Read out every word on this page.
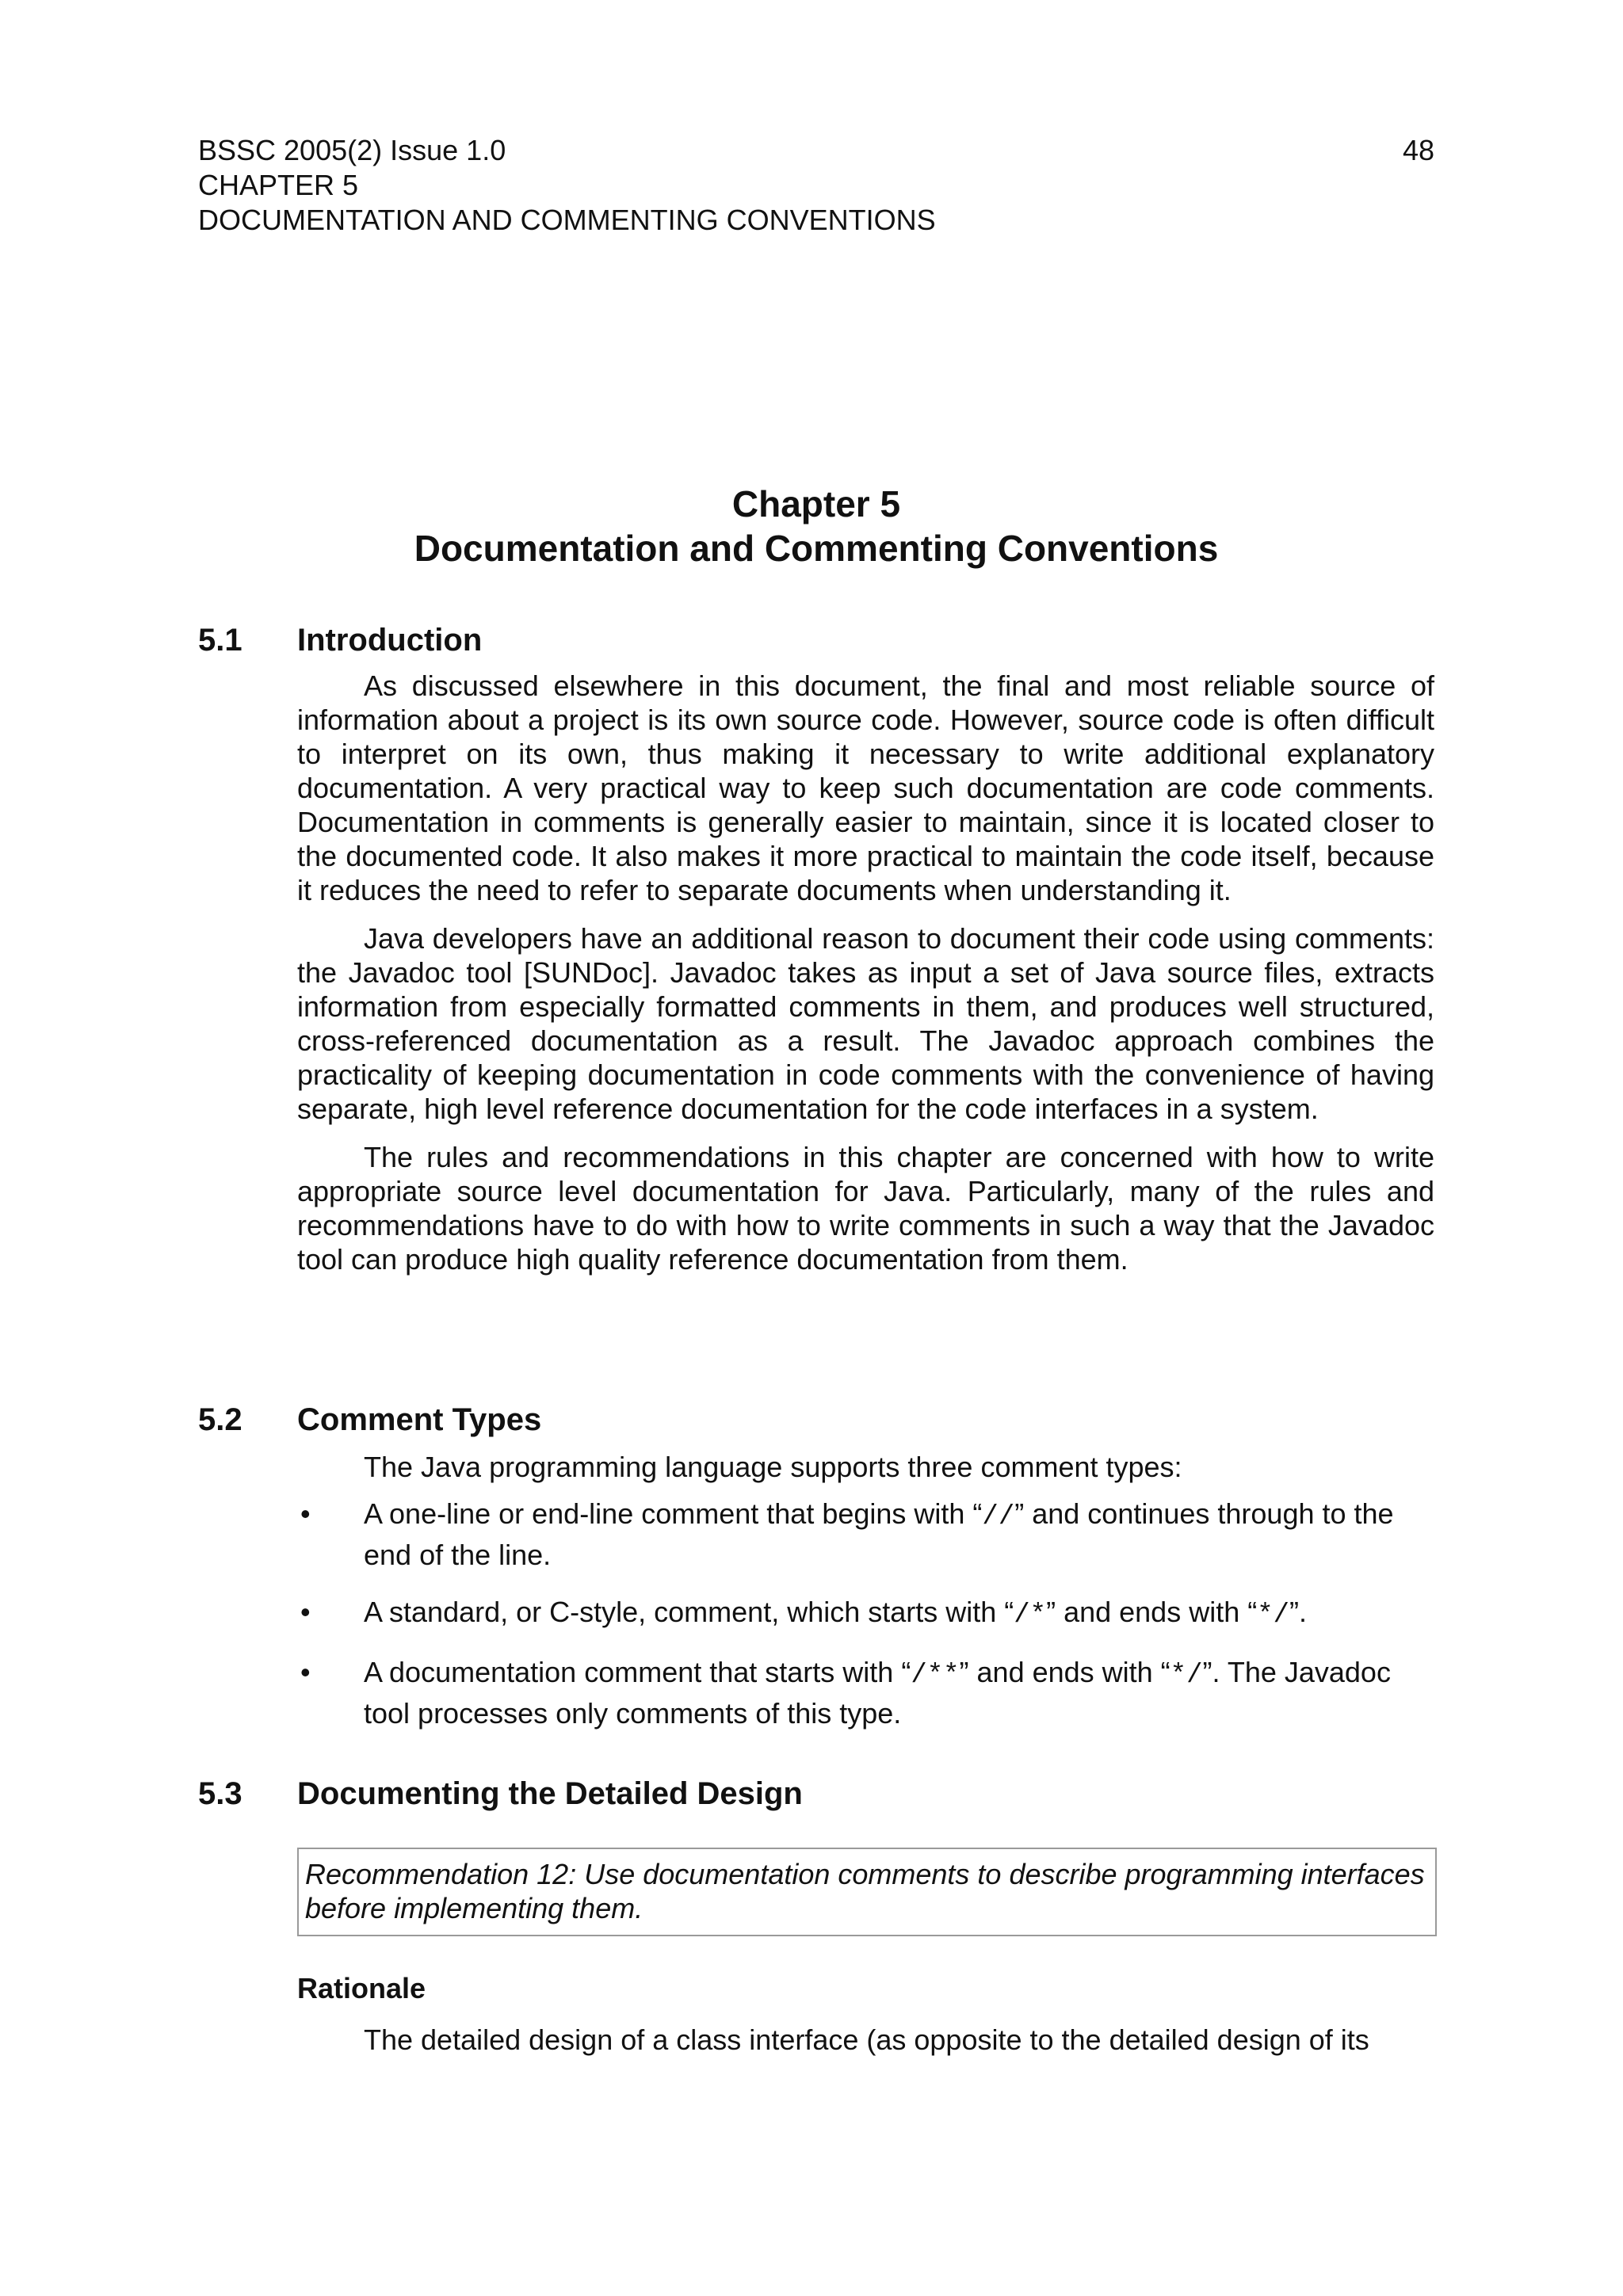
BSSC 2005(2) Issue 1.0
CHAPTER 5
DOCUMENTATION AND COMMENTING CONVENTIONS
48
Chapter 5
Documentation and Commenting Conventions
5.1 Introduction

As discussed elsewhere in this document, the final and most reliable source of information about a project is its own source code. However, source code is often difficult to interpret on its own, thus making it necessary to write additional explanatory documentation. A very practical way to keep such documentation are code comments. Documentation in comments is generally easier to maintain, since it is located closer to the documented code. It also makes it more practical to maintain the code itself, because it reduces the need to refer to separate documents when understanding it.

Java developers have an additional reason to document their code using comments: the Javadoc tool [SUNDoc]. Javadoc takes as input a set of Java source files, extracts information from especially formatted comments in them, and produces well structured, cross-referenced documentation as a result. The Javadoc approach combines the practicality of keeping documentation in code comments with the convenience of having separate, high level reference documentation for the code interfaces in a system.

The rules and recommendations in this chapter are concerned with how to write appropriate source level documentation for Java. Particularly, many of the rules and recommendations have to do with how to write comments in such a way that the Javadoc tool can produce high quality reference documentation from them.

5.2 Comment Types

The Java programming language supports three comment types:

• A one-line or end-line comment that begins with “//” and continues through to the end of the line.
• A standard, or C-style, comment, which starts with “/*” and ends with “*/”.
• A documentation comment that starts with “/**” and ends with “*/”. The Javadoc tool processes only comments of this type.
5.3 Documenting the Detailed Design
Recommendation 12: Use documentation comments to describe programming interfaces before implementing them.
Rationale

The detailed design of a class interface (as opposite to the detailed design of its
